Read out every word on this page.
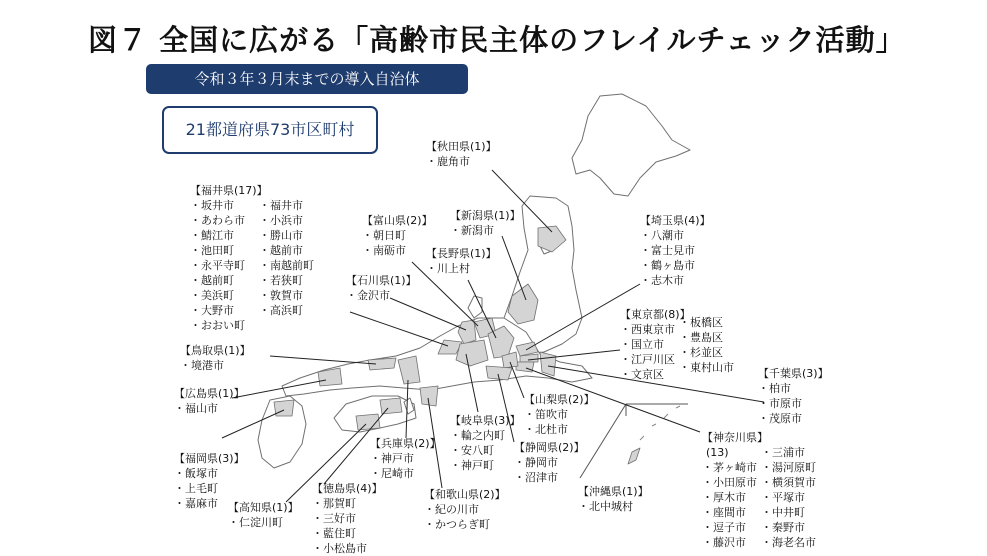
図７ 全国に広がる「高齢市民主体のフレイルチェック活動」
令和３年３月末までの導入自治体
21都道府県73市区町村
【 秋田県(1) 】
・ 鹿角市
【 福井県(17) 】
・ 坂井市
・ あわら市
・ 鯖江市
・ 池田町
・ 永平寺町
・ 越前町
・ 美浜町
・ 大野市
・ おおい町
・ 福井市
・ 小浜市
・ 勝山市
・ 越前市
・ 南越前町
・ 若狭町
・ 敦賀市
・ 高浜町
【 富山県(2) 】
・ 朝日町
・ 南砺市
【 新潟県(1) 】
・ 新潟市
【 長野県(1) 】
・ 川上村
【 石川県(1) 】
・ 金沢市
【 埼玉県(4) 】
・ 八潮市
・ 富士見市
・ 鶴ヶ島市
・ 志木市
【 東京都(8) 】
・ 西東京市
・ 国立市
・ 江戸川区
・ 文京区
・ 板橋区
・ 豊島区
・ 杉並区
・ 東村山市
【 鳥取県(1) 】
・ 境港市
【 千葉県(3) 】
・ 柏市
・ 市原市
・ 茂原市
【 広島県(1) 】
・ 福山市
【 山梨県(2) 】
・ 笛吹市
・ 北杜市
【 岐阜県(3) 】
・ 輪之内町
・ 安八町
・ 神戸町
【 神奈川県 】
(13)
・ 茅ヶ崎市
・ 小田原市
・ 厚木市
・ 座間市
・ 逗子市
・ 藤沢市
・ 三浦市
・ 湯河原町
・ 横須賀市
・ 平塚市
・ 中井町
・ 秦野市
・ 海老名市
【 福岡県(3) 】
・ 飯塚市
・ 上毛町
・ 嘉麻市
【 兵庫県(2) 】
・ 神戸市
・ 尼崎市
【 静岡県(2) 】
・ 静岡市
・ 沼津市
【 徳島県(4) 】
・ 那賀町
・ 三好市
・ 藍住町
・ 小松島市
【 和歌山県(2) 】
・ 紀の川市
・ かつらぎ町
【 沖縄県(1) 】
・ 北中城村
【 高知県(1) 】
・ 仁淀川町
